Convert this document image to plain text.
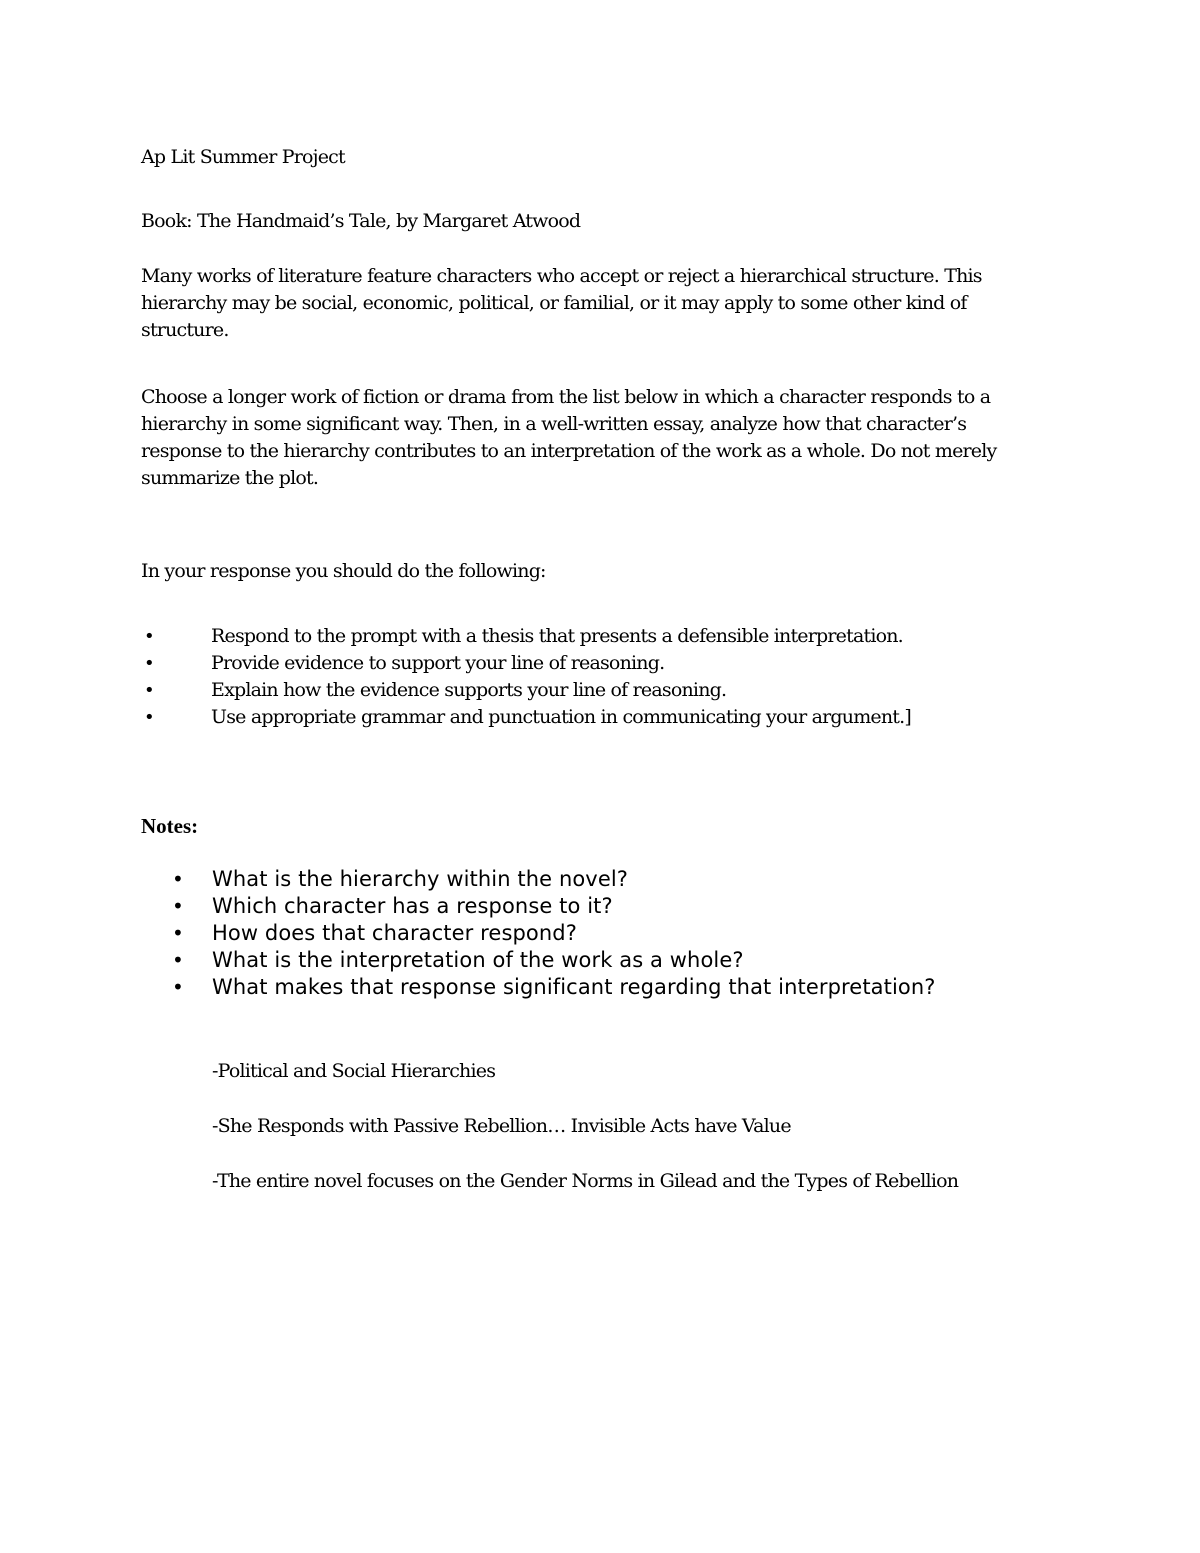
Ap Lit Summer Project

Book: The Handmaid’s Tale, by Margaret Atwood

Many works of literature feature characters who accept or reject a hierarchical structure. This hierarchy may be social, economic, political, or familial, or it may apply to some other kind of structure.

Choose a longer work of fiction or drama from the list below in which a character responds to a hierarchy in some significant way. Then, in a well-written essay, analyze how that character’s response to the hierarchy contributes to an interpretation of the work as a whole. Do not merely summarize the plot.

In your response you should do the following:

•	Respond to the prompt with a thesis that presents a defensible interpretation.
•	Provide evidence to support your line of reasoning.
•	Explain how the evidence supports your line of reasoning.
•	Use appropriate grammar and punctuation in communicating your argument.]

Notes:

• What is the hierarchy within the novel?
• Which character has a response to it?
• How does that character respond?
• What is the interpretation of the work as a whole?
• What makes that response significant regarding that interpretation?

-Political and Social Hierarchies

-She Responds with Passive Rebellion… Invisible Acts have Value

-The entire novel focuses on the Gender Norms in Gilead and the Types of Rebellion
